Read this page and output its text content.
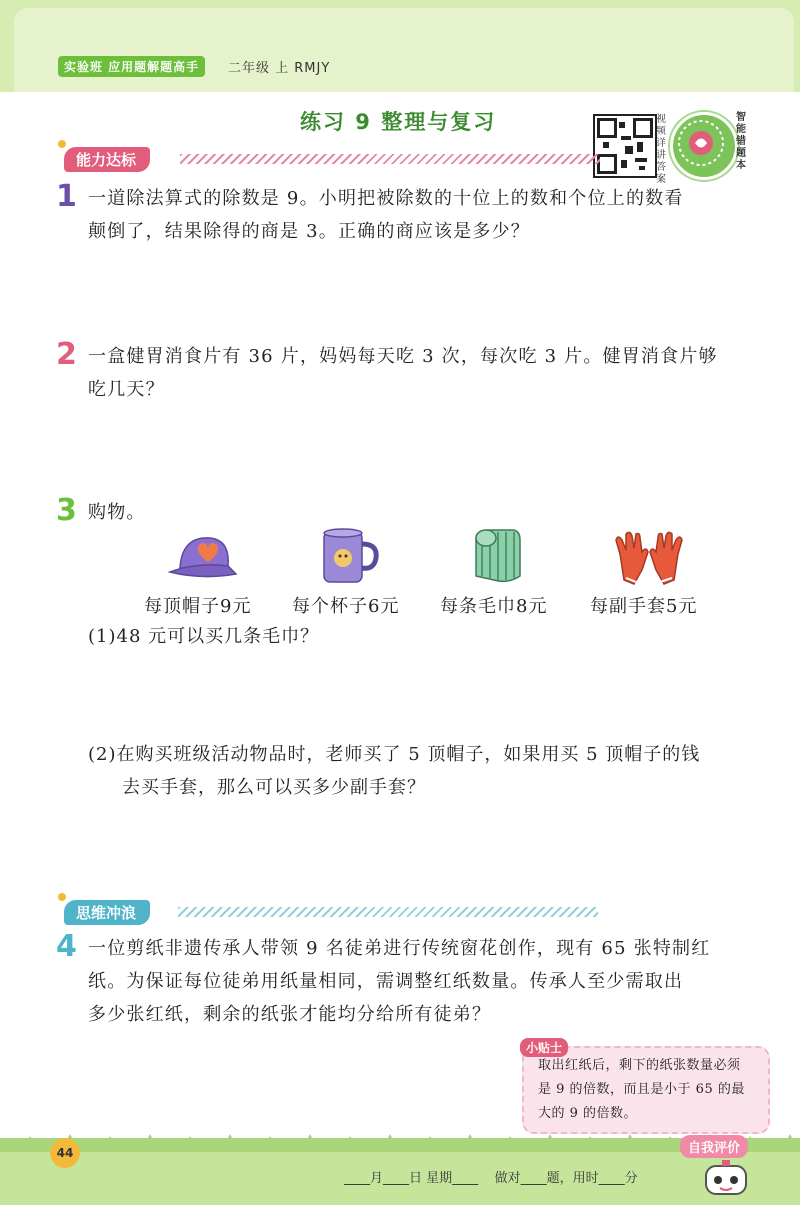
实验班 应用题解题高手	二年级 上 RMJY
练习 9 整理与复习	视频详讲答案
智能错题本
能力达标
1 一道除法算式的除数是 9。小明把被除数的十位上的数和个位上的数看
颠倒了，结果除得的商是 3。正确的商应该是多少？
2 一盒健胃消食片有 36 片，妈妈每天吃 3 次，每次吃 3 片。健胃消食片够
吃几天？
3 购物。
每顶帽子9元 每个杯子6元 每条毛巾8元 每副手套5元
(1)48 元可以买几条毛巾？
(2)在购买班级活动物品时，老师买了 5 顶帽子，如果用买 5 顶帽子的钱
去买手套，那么可以买多少副手套？
思维冲浪
4 一位剪纸非遗传承人带领 9 名徒弟进行传统窗花创作，现有 65 张特制红
纸。为保证每位徒弟用纸量相同，需调整红纸数量。传承人至少需取出
多少张红纸，剩余的纸张才能均分给所有徒弟？
小贴士
取出红纸后，剩下的纸张数量必须
是 9 的倍数，而且是小于 65 的最
大的 9 的倍数。
44	自我评价
____月____日 星期____    做对____题，用时____分
